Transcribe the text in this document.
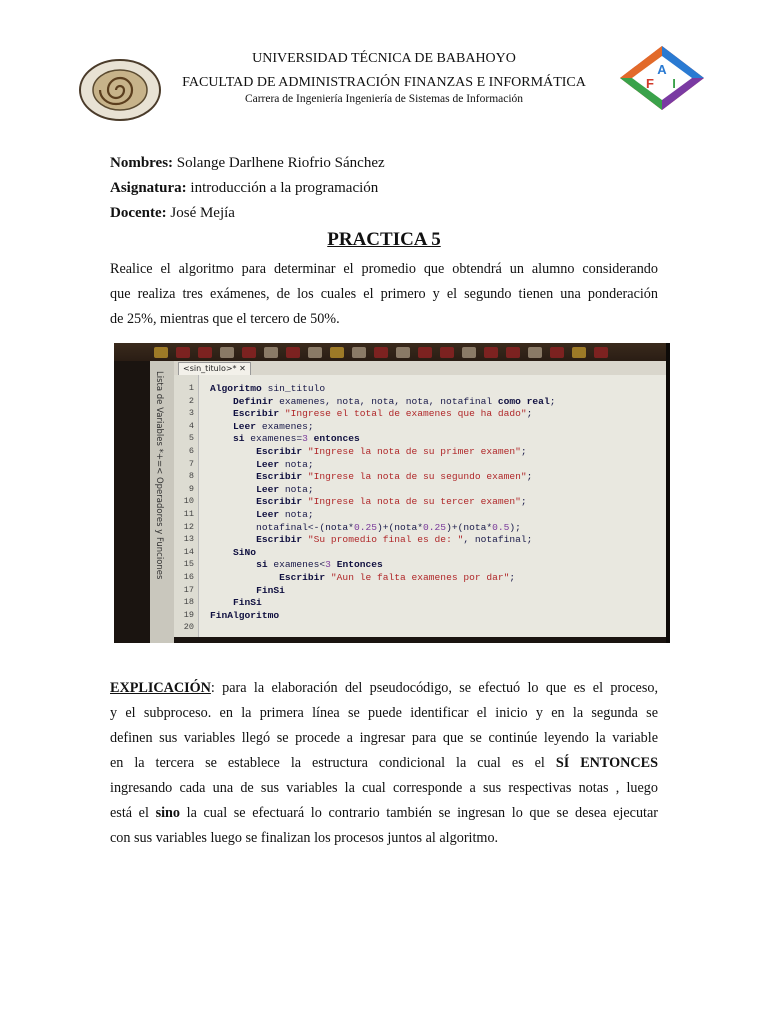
A
F I
UNIVERSIDAD TÉCNICA DE BABAHOYO
FACULTAD DE ADMINISTRACIÓN FINANZAS E INFORMÁTICA
Carrera de Ingeniería Ingeniería de Sistemas de Información
Nombres: Solange Darlhene Riofrio Sánchez
Asignatura: introducción a la programación
Docente: José Mejía
PRACTICA 5
Realice el algoritmo para determinar el promedio que obtendrá un alumno considerando
que realiza tres exámenes, de los cuales el primero y el segundo tienen una ponderación
de 25%, mientras que el tercero de 50%.
Lista de Variables *+=< Operadores y Funciones
<sin_titulo>* ✕
1 Algoritmo sin_titulo
2	Definir examenes, nota, nota, nota, notafinal como real;
3	Escribir "Ingrese el total de examenes que ha dado";
4	Leer examenes;
5	si examenes=3 entonces
6	Escribir "Ingrese la nota de su primer examen";
7	Leer nota;
8	Escribir "Ingrese la nota de su segundo examen";
9	Leer nota;
10	Escribir "Ingrese la nota de su tercer examen";
11	Leer nota;
12 notafinal<-(nota*0.25)+(nota*0.25)+(nota*0.5);
13	Escribir "Su promedio final es de: ", notafinal;
14	SiNo
15	si examenes<3 Entonces
16	Escribir "Aun le falta examenes por dar";
17	FinSi
18	FinSi
19 FinAlgoritmo
20
EXPLICACIÓN: para la elaboración del pseudocódigo, se efectuó lo que es el proceso,
y el subproceso. en la primera línea se puede identificar el inicio y en la segunda se
definen sus variables llegó se procede a ingresar para que se continúe leyendo la variable
en la tercera se establece la estructura condicional la cual es el SÍ ENTONCES
ingresando cada una de sus variables la cual corresponde a sus respectivas notas , luego
está el sino la cual se efectuará lo contrario también se ingresan lo que se desea ejecutar
con sus variables luego se finalizan los procesos juntos al algoritmo.
